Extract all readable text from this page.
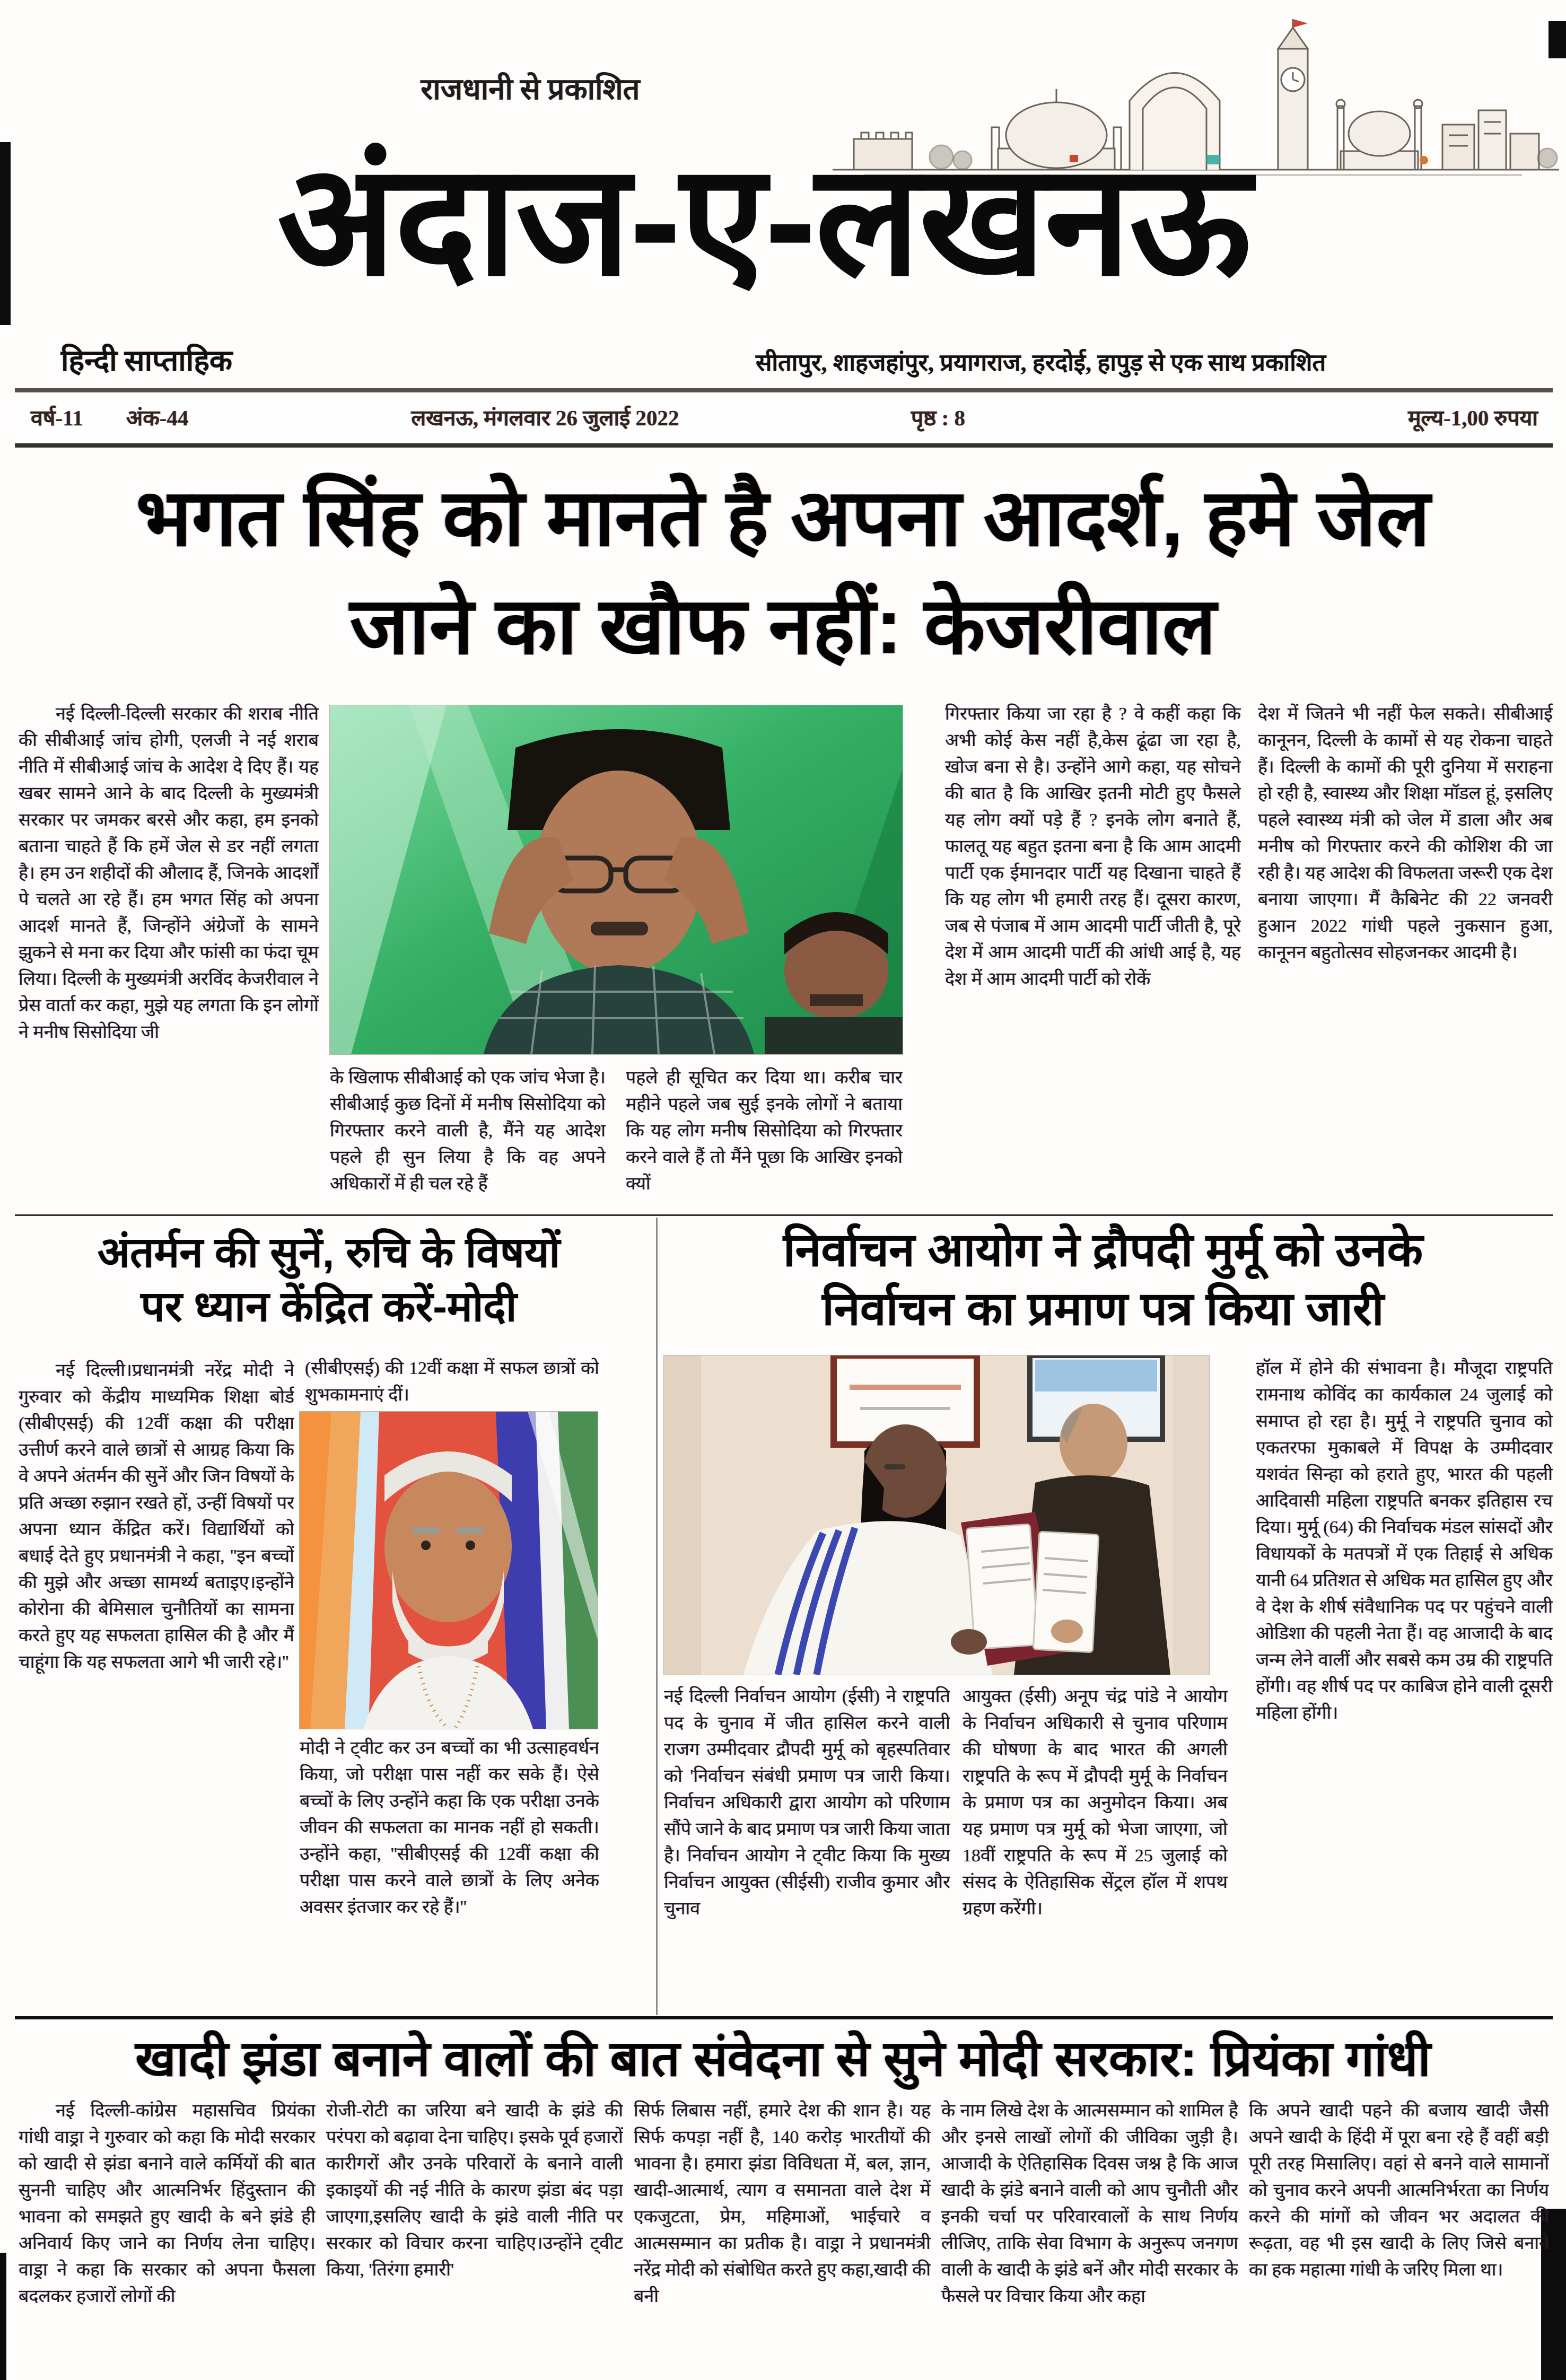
राजधानी से प्रकाशित
अंदाज-ए-लखनऊ
हिन्दी साप्ताहिक	सीतापुर, शाहजहांपुर, प्रयागराज, हरदोई, हापुड़ से एक साथ प्रकाशित
वर्ष-11 अंक-44	लखनऊ, मंगलवार 26 जुलाई 2022	पृष्ठ : 8	मूल्य-1,00 रुपया
भगत सिंह को मानते है अपना आदर्श, हमे जेल
जाने का खौफ नहीं: केजरीवाल
नई दिल्ली-दिल्ली सरकार की शराब नीति की सीबीआई जांच होगी, एलजी ने नई शराब नीति में सीबीआई जांच के आदेश दे दिए हैं। यह खबर सामने आने के बाद दिल्ली के मुख्यमंत्री सरकार पर जमकर बरसे और कहा, हम इनको बताना चाहते हैं कि हमें जेल से डर नहीं लगता है। हम उन शहीदों की औलाद हैं, जिनके आदर्शों पे चलते आ रहे हैं। हम भगत सिंह को अपना आदर्श मानते हैं, जिन्होंने अंग्रेजों के सामने झुकने से मना कर दिया और फांसी का फंदा चूम लिया। दिल्ली के मुख्यमंत्री अरविंद केजरीवाल ने प्रेस वार्ता कर कहा, मुझे यह लगता कि इन लोगों ने मनीष सिसोदिया जी
के खिलाफ सीबीआई को एक जांच भेजा है। सीबीआई कुछ दिनों में मनीष सिसोदिया को गिरफ्तार करने वाली है, मैंने यह आदेश पहले ही सुन लिया है कि वह अपने अधिकारों में ही चल रहे हैं
पहले ही सूचित कर दिया था। करीब चार महीने पहले जब सुई इनके लोगों ने बताया कि यह लोग मनीष सिसोदिया को गिरफ्तार करने वाले हैं तो मैंने पूछा कि आखिर इनको क्यों
गिरफ्तार किया जा रहा है ? वे कहीं कहा कि अभी कोई केस नहीं है,केस ढूंढा जा रहा है, खोज बना से है। उन्होंने आगे कहा, यह सोचने की बात है कि आखिर इतनी मोटी हुए फैसले यह लोग क्यों पड़े हैं ? इनके लोग बनाते हैं, फालतू यह बहुत इतना बना है कि आम आदमी पार्टी एक ईमानदार पार्टी यह दिखाना चाहते हैं कि यह लोग भी हमारी तरह हैं। दूसरा कारण, जब से पंजाब में आम आदमी पार्टी जीती है, पूरे देश में आम आदमी पार्टी की आंधी आई है, यह देश में आम आदमी पार्टी को रोकें
देश में जितने भी नहीं फेल सकते। सीबीआई कानूनन, दिल्ली के कामों से यह रोकना चाहते हैं। दिल्ली के कामों की पूरी दुनिया में सराहना हो रही है, स्वास्थ्य और शिक्षा मॉडल हूं, इसलिए पहले स्वास्थ्य मंत्री को जेल में डाला और अब मनीष को गिरफ्तार करने की कोशिश की जा रही है। यह आदेश की विफलता जरूरी एक देश बनाया जाएगा। मैं कैबिनेट की 22 जनवरी हुआन 2022 गांधी पहले नुकसान हुआ, कानूनन बहुतोत्सव सोहजनकर आदमी है।
अंतर्मन की सुनें, रुचि के विषयों
पर ध्यान केंद्रित करें-मोदी
नई दिल्ली।प्रधानमंत्री नरेंद्र मोदी ने गुरुवार को केंद्रीय माध्यमिक शिक्षा बोर्ड (सीबीएसई) की 12वीं कक्षा की परीक्षा उत्तीर्ण करने वाले छात्रों से आग्रह किया कि वे अपने अंतर्मन की सुनें और जिन विषयों के प्रति अच्छा रुझान रखते हों, उन्हीं विषयों पर अपना ध्यान केंद्रित करें। विद्यार्थियों को बधाई देते हुए प्रधानमंत्री ने कहा, ''इन बच्चों की मुझे और अच्छा सामर्थ्य बताइए।इन्होंने कोरोना की बेमिसाल चुनौतियों का सामना करते हुए यह सफलता हासिल की है और मैं चाहूंगा कि यह सफलता आगे भी जारी रहे।''
(सीबीएसई) की 12वीं कक्षा में सफल छात्रों को शुभकामनाएं दीं।
मोदी ने ट्वीट कर उन बच्चों का भी उत्साहवर्धन किया, जो परीक्षा पास नहीं कर सके हैं। ऐसे बच्चों के लिए उन्होंने कहा कि एक परीक्षा उनके जीवन की सफलता का मानक नहीं हो सकती। उन्होंने कहा, ''सीबीएसई की 12वीं कक्षा की परीक्षा पास करने वाले छात्रों के लिए अनेक अवसर इंतजार कर रहे हैं।''
निर्वाचन आयोग ने द्रौपदी मुर्मू को उनके
निर्वाचन का प्रमाण पत्र किया जारी
हॉल में होने की संभावना है। मौजूदा राष्ट्रपति रामनाथ कोविंद का कार्यकाल 24 जुलाई को समाप्त हो रहा है। मुर्मू ने राष्ट्रपति चुनाव को एकतरफा मुकाबले में विपक्ष के उम्मीदवार यशवंत सिन्हा को हराते हुए, भारत की पहली आदिवासी महिला राष्ट्रपति बनकर इतिहास रच दिया। मुर्मू (64) की निर्वाचक मंडल सांसदों और विधायकों के मतपत्रों में एक तिहाई से अधिक यानी 64 प्रतिशत से अधिक मत हासिल हुए और वे देश के शीर्ष संवैधानिक पद पर पहुंचने वाली ओडिशा की पहली नेता हैं। वह आजादी के बाद जन्म लेने वालीं और सबसे कम उम्र की राष्ट्रपति होंगी। वह शीर्ष पद पर काबिज होने वाली दूसरी महिला होंगी।
नई दिल्ली निर्वाचन आयोग (ईसी) ने राष्ट्रपति पद के चुनाव में जीत हासिल करने वाली राजग उम्मीदवार द्रौपदी मुर्मू को बृहस्पतिवार को 'निर्वाचन संबंधी प्रमाण पत्र जारी किया। निर्वाचन अधिकारी द्वारा आयोग को परिणाम सौंपे जाने के बाद प्रमाण पत्र जारी किया जाता है। निर्वाचन आयोग ने ट्वीट किया कि मुख्य निर्वाचन आयुक्त (सीईसी) राजीव कुमार और चुनाव
आयुक्त (ईसी) अनूप चंद्र पांडे ने आयोग के निर्वाचन अधिकारी से चुनाव परिणाम की घोषणा के बाद भारत की अगली राष्ट्रपति के रूप में द्रौपदी मुर्मू के निर्वाचन के प्रमाण पत्र का अनुमोदन किया। अब यह प्रमाण पत्र मुर्मू को भेजा जाएगा, जो 18वीं राष्ट्रपति के रूप में 25 जुलाई को संसद के ऐतिहासिक सेंट्रल हॉल में शपथ ग्रहण करेंगी।
खादी झंडा बनाने वालों की बात संवेदना से सुने मोदी सरकार: प्रियंका गांधी
नई दिल्ली-कांग्रेस महासचिव प्रियंका गांधी वाड्रा ने गुरुवार को कहा कि मोदी सरकार को खादी से झंडा बनाने वाले कर्मियों की बात सुननी चाहिए और आत्मनिर्भर हिंदुस्तान की भावना को समझते हुए खादी के बने झंडे ही अनिवार्य किए जाने का निर्णय लेना चाहिए। वाड्रा ने कहा कि सरकार को अपना फैसला बदलकर हजारों लोगों की
रोजी-रोटी का जरिया बने खादी के झंडे की परंपरा को बढ़ावा देना चाहिए। इसके पूर्व हजारों कारीगरों और उनके परिवारों के बनाने वाली इकाइयों की नई नीति के कारण झंडा बंद पड़ा जाएगा,इसलिए खादी के झंडे वाली नीति पर सरकार को विचार करना चाहिए।उन्होंने ट्वीट किया, 'तिरंगा हमारी'
सिर्फ लिबास नहीं, हमारे देश की शान है। यह सिर्फ कपड़ा नहीं है, 140 करोड़ भारतीयों की भावना है। हमारा झंडा विविधता में, बल, ज्ञान, खादी-आत्मार्थ, त्याग व समानता वाले देश में एकजुटता, प्रेम, महिमाओं, भाईचारे व आत्मसम्मान का प्रतीक है। वाड्रा ने प्रधानमंत्री नरेंद्र मोदी को संबोधित करते हुए कहा,खादी की बनी
के नाम लिखे देश के आत्मसम्मान को शामिल है और इनसे लाखों लोगों की जीविका जुड़ी है। आजादी के ऐतिहासिक दिवस जश्न है कि आज खादी के झंडे बनाने वाली को आप चुनौती और इनकी चर्चा पर परिवारवालों के साथ निर्णय लीजिए, ताकि सेवा विभाग के अनुरूप जनगण वाली के खादी के झंडे बनें और मोदी सरकार के फैसले पर विचार किया और कहा
कि अपने खादी पहने की बजाय खादी जैसी अपने खादी के हिंदी में पूरा बना रहे हैं वहीं बड़ी पूरी तरह मिसालिए। वहां से बनने वाले सामानों को चुनाव करने अपनी आत्मनिर्भरता का निर्णय करने की मांगों को जीवन भर अदालत की रूढ़ता, वह भी इस खादी के लिए जिसे बनाने का हक महात्मा गांधी के जरिए मिला था।
